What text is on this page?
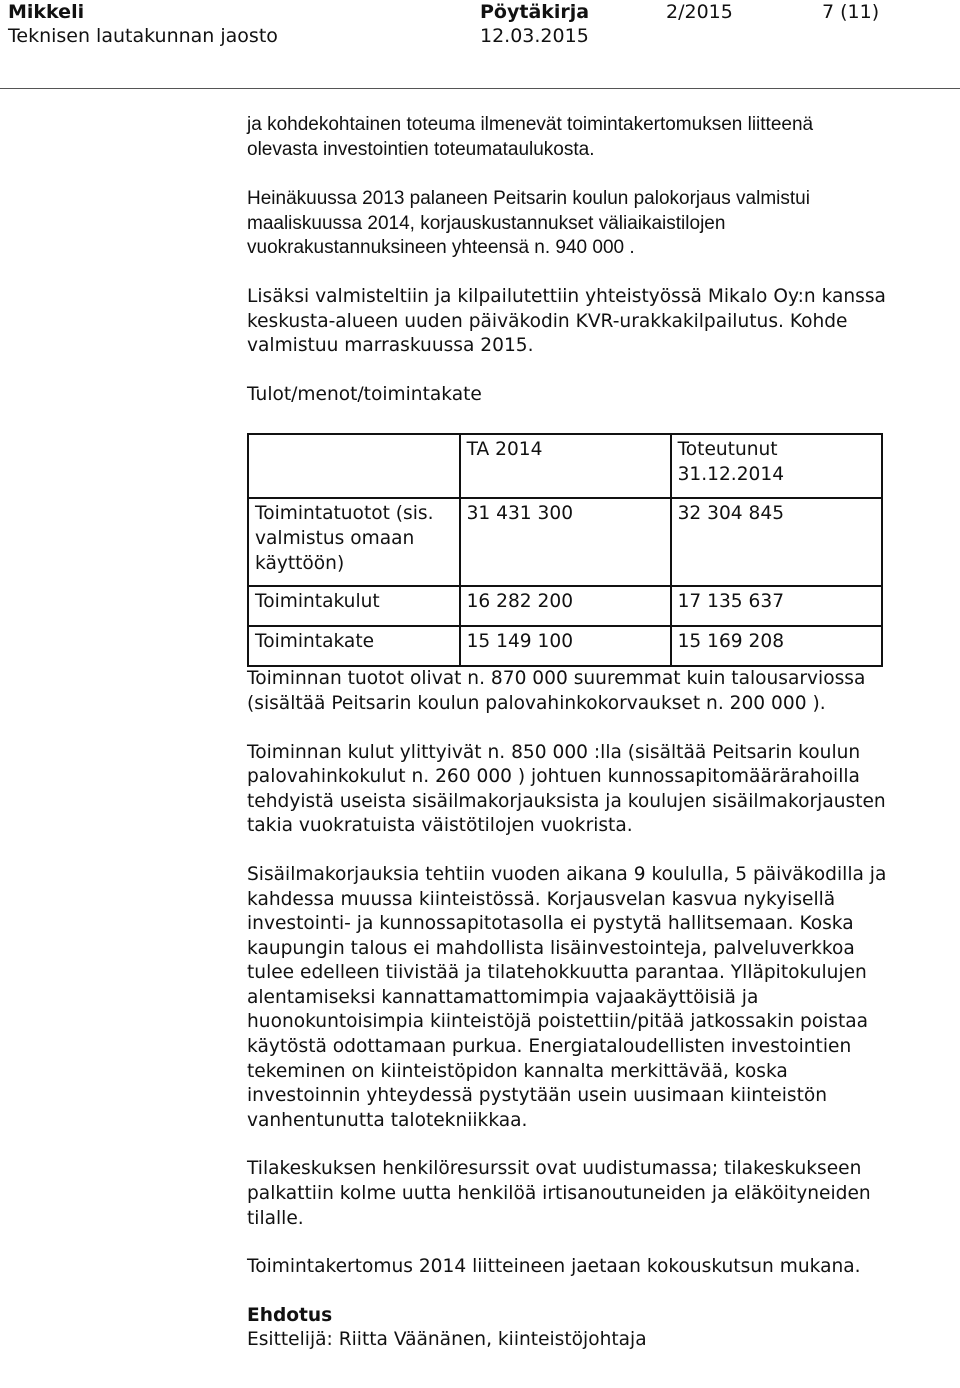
Mikkeli
Teknisen lautakunnan jaosto
Pöytäkirja
12.03.2015
2/2015	7 (11)

ja kohdekohtainen toteuma ilmenevät toimintakertomuksen liitteenä olevasta investointien toteumataulukosta.

Heinäkuussa 2013 palaneen Peitsarin koulun palokorjaus valmistui maaliskuussa 2014, korjauskustannukset väliaikaistilojen vuokrakustannuksineen yhteensä n. 940 000 .

Lisäksi valmisteltiin ja kilpailutettiin yhteistyössä Mikalo Oy:n kanssa keskusta-alueen uuden päiväkodin KVR-urakkakilpailutus. Kohde valmistuu marraskuussa 2015.

Tulot/menot/toimintakate

	TA 2014	Toteutunut 31.12.2014
Toimintatuotot (sis. valmistus omaan käyttöön)	31 431 300	32 304 845
Toimintakulut	16 282 200	17 135 637
Toimintakate	15 149 100	15 169 208

Toiminnan tuotot olivat n. 870 000 suuremmat kuin talousarviossa (sisältää Peitsarin koulun palovahinkokorvaukset n. 200 000 ).

Toiminnan kulut ylittyivät n. 850 000 :lla (sisältää Peitsarin koulun palovahinkokulut n. 260 000 ) johtuen kunnossapitomäärärahoilla tehdyistä useista sisäilmakorjauksista ja koulujen sisäilmakorjausten takia vuokratuista väistötilojen vuokrista.

Sisäilmakorjauksia tehtiin vuoden aikana 9 koululla, 5 päiväkodilla ja kahdessa muussa kiinteistössä. Korjausvelan kasvua nykyisellä investointi- ja kunnossapitotasolla ei pystytä hallitsemaan. Koska kaupungin talous ei mahdollista lisäinvestointeja, palveluverkkoa tulee edelleen tiivistää ja tilatehokkuutta parantaa. Ylläpitokulujen alentamiseksi kannattamattomimpia vajaakäyttöisiä ja huonokuntoisimpia kiinteistöjä poistettiin/pitää jatkossakin poistaa käytöstä odottamaan purkua. Energiataloudellisten investointien tekeminen on kiinteistöpidon kannalta merkittävää, koska investoinnin yhteydessä pystytään usein uusimaan kiinteistön vanhentunutta talotekniikkaa.

Tilakeskuksen henkilöresurssit ovat uudistumassa; tilakeskukseen palkattiin kolme uutta henkilöä irtisanoutuneiden ja eläköityneiden tilalle.

Toimintakertomus 2014 liitteineen jaetaan kokouskutsun mukana.

Ehdotus

Esittelijä: Riitta Väänänen, kiinteistöjohtaja
